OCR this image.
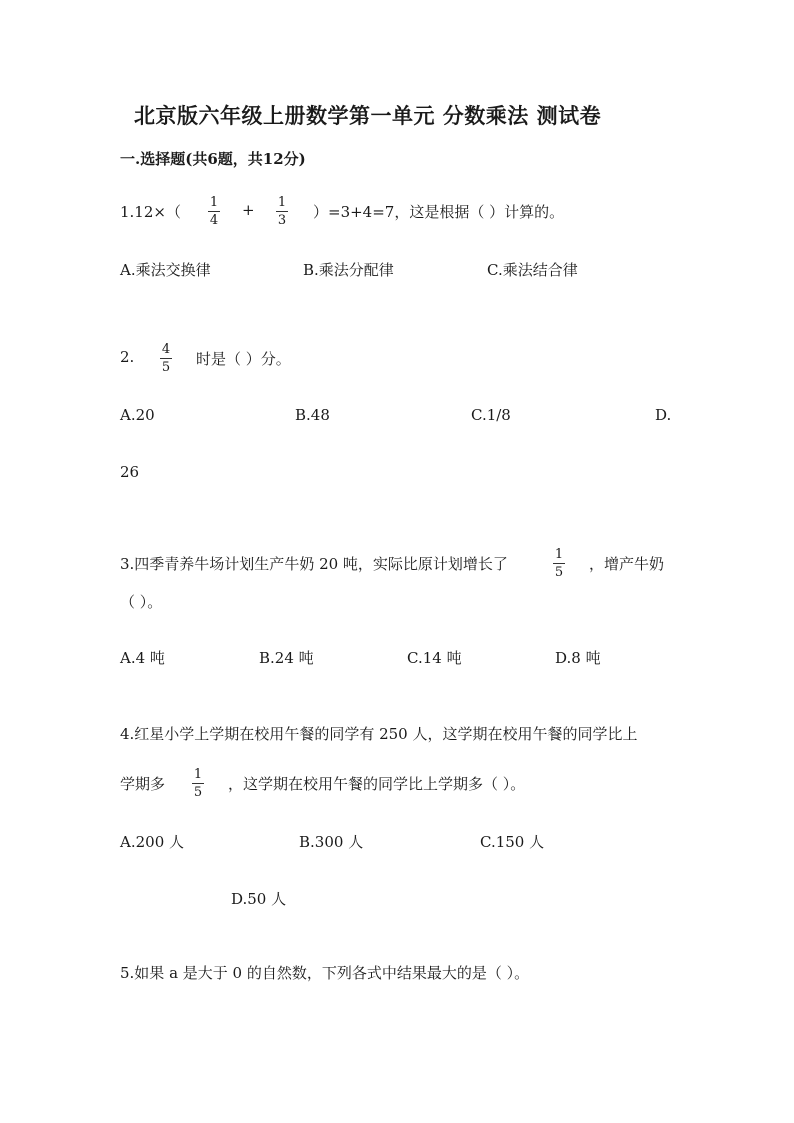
北京版六年级上册数学第一单元 分数乘法 测试卷
一.选择题(共6题，共12分)
1.12×（
1
4
+ 1
3 ）=3+4=7，这是根据（ ）计算的。
A.乘法交换律	B.乘法分配律	C.乘法结合律
2. 4
5 时是（ ）分。
A.20	B.48	C.1/8	D.
26
3.四季青养牛场计划生产牛奶 20 吨，实际比原计划增长了
1
5 ，增产牛奶
（ ）。
A.4 吨	B.24 吨	C.14 吨	D.8 吨
4.红星小学上学期在校用午餐的同学有 250 人，这学期在校用午餐的同学比上
学期多
1
5 ，这学期在校用午餐的同学比上学期多（ ）。
A.200 人	B.300 人	C.150 人
D.50 人
5.如果 a 是大于 0 的自然数，下列各式中结果最大的是（ ）。
